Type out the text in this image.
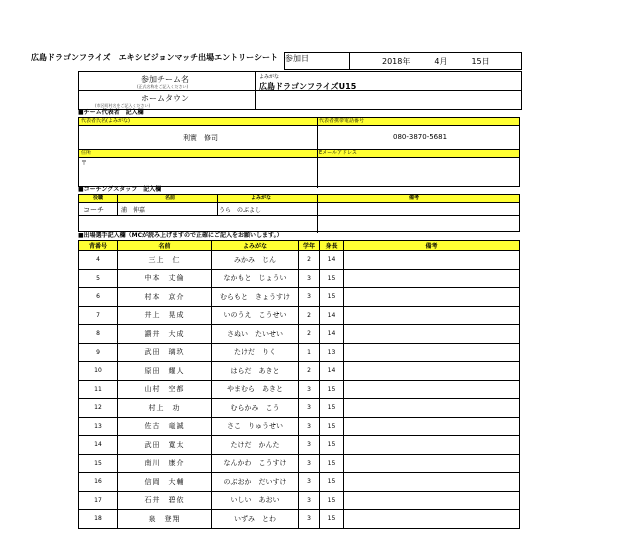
広島ドラゴンフライズ　エキシビジョンマッチ出場エントリーシート 参加日	2018年	4月	15日
参加チーム名
(正式名称をご記入ください)
ホームタウン
(市区町村名をご記入ください)
よみがな
広島ドラゴンフライズU15
■チーム代表者　記入欄
代表者氏名(よみがな)	代表者携帯電話番号
利實　修司	080-3870-5681
住所	Eメールアドレス
〒
■コーチングスタッフ　記入欄
役職	名前	よみがな	備考
コーチ	浦　伸嘉	うら　のぶよし
■出場選手記入欄（MCが読み上げますので正確にご記入をお願いします。）
背番号	名前	よみがな	学年	身長	備考
4	三上　仁	みかみ　じん	2	14	
5	中本　丈倫	なかもと　じょうい	3	15	
6	村本　京介	むらもと　きょうすけ	3	15	
7	井上　晃成	いのうえ　こうせい	2	14	
8	讃井　大成	さぬい　たいせい	2	14	
9	武田　璃玖	たけだ　りく	1	13	
10	原田　耀人	はらだ　あきと	2	14	
11	山村　空都	やまむら　あきと	3	15	
12	村上　功	むらかみ　こう	3	15	
13	佐古　竜誠	さこ　りゅうせい	3	15	
14	武田　寛太	たけだ　かんた	3	15	
15	南川　康介	なんかわ　こうすけ	3	15	
16	信岡　大輔	のぶおか　だいすけ	3	15	
17	石井　碧依	いしい　あおい	3	15	
18	泉　登翔	いずみ　とわ	3	15	
